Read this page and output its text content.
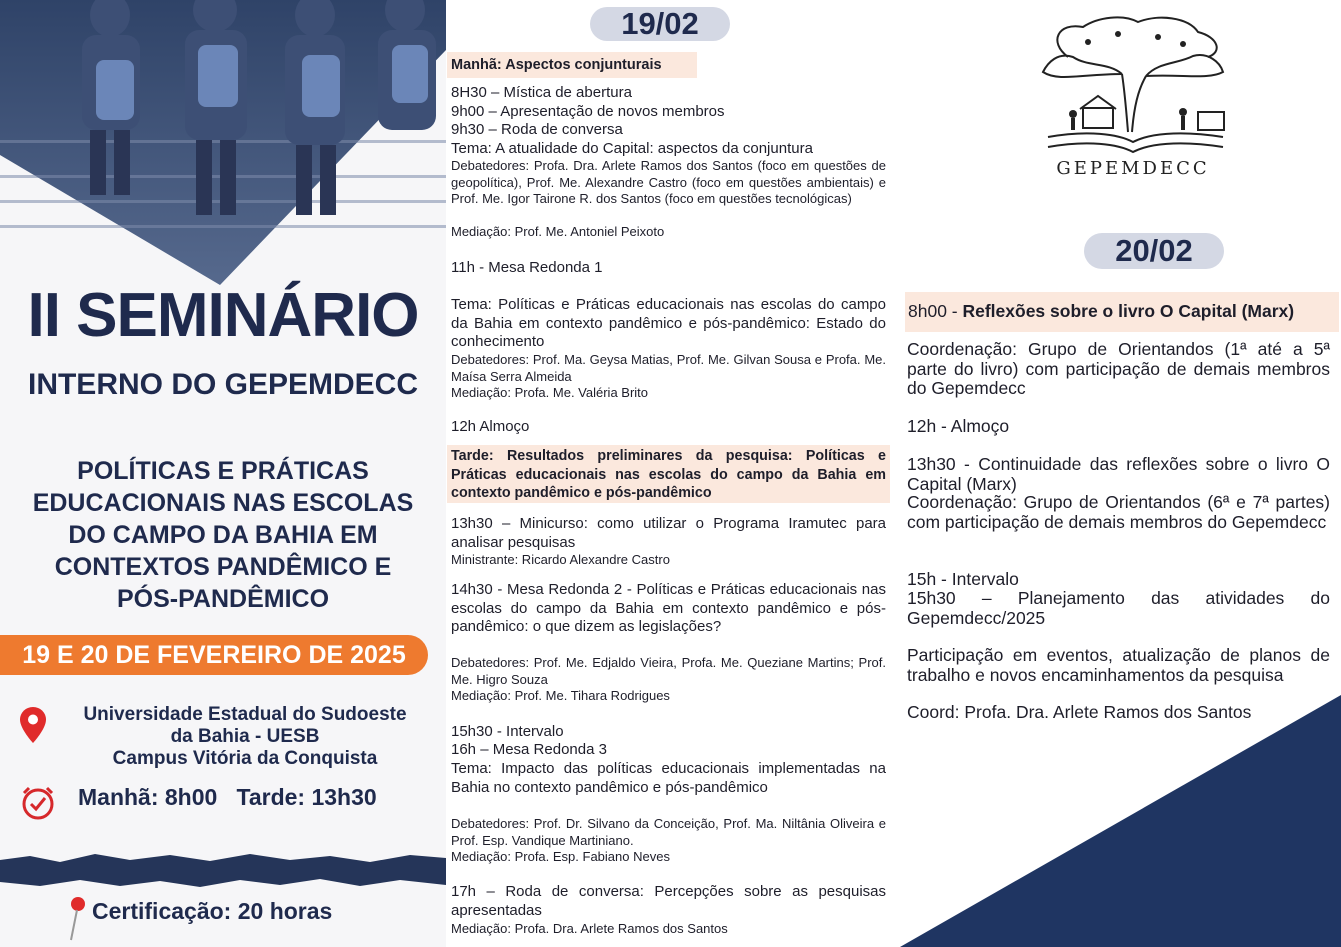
II SEMINÁRIO
INTERNO DO GEPEMDECC
POLÍTICAS E PRÁTICAS
EDUCACIONAIS NAS ESCOLAS
DO CAMPO DA BAHIA EM
CONTEXTOS PANDÊMICO E
PÓS-PANDÊMICO
19 E 20 DE FEVEREIRO DE 2025
Universidade Estadual do Sudoeste
da Bahia - UESB
Campus Vitória da Conquista
Manhã: 8h00   Tarde: 13h30
Certificação: 20 horas
19/02
Manhã: Aspectos conjunturais
8H30 – Mística de abertura
9h00 – Apresentação de novos membros
9h30 – Roda de conversa
Tema: A atualidade do Capital: aspectos da conjuntura
Debatedores: Profa. Dra. Arlete Ramos dos Santos (foco em questões de geopolítica), Prof. Me. Alexandre Castro (foco em questões ambientais) e Prof. Me. Igor Tairone R. dos Santos (foco em questões tecnológicas)
Mediação: Prof. Me. Antoniel Peixoto
11h - Mesa Redonda 1
Tema: Políticas e Práticas educacionais nas escolas do campo da Bahia em contexto pandêmico e pós-pandêmico: Estado do conhecimento
Debatedores: Prof. Ma. Geysa Matias, Prof. Me. Gilvan Sousa e Profa. Me. Maísa Serra Almeida
Mediação: Profa. Me. Valéria Brito
12h Almoço
Tarde: Resultados preliminares da pesquisa: Políticas e Práticas educacionais nas escolas do campo da Bahia em contexto pandêmico e pós-pandêmico
13h30 – Minicurso: como utilizar o Programa Iramutec para analisar pesquisas
Ministrante: Ricardo Alexandre Castro
14h30 - Mesa Redonda 2 - Políticas e Práticas educacionais nas escolas do campo da Bahia em contexto pandêmico e pós-pandêmico: o que dizem as legislações?
Debatedores: Prof. Me. Edjaldo Vieira, Profa. Me. Queziane Martins; Prof. Me. Higro Souza
Mediação: Prof. Me. Tihara Rodrigues
15h30 - Intervalo
16h – Mesa Redonda 3
Tema: Impacto das políticas educacionais implementadas na Bahia no contexto pandêmico e pós-pandêmico
Debatedores: Prof. Dr. Silvano da Conceição, Prof. Ma. Niltânia Oliveira e Prof. Esp. Vandique Martiniano.
Mediação: Profa. Esp. Fabiano Neves
17h – Roda de conversa: Percepções sobre as pesquisas apresentadas
Mediação: Profa. Dra. Arlete Ramos dos Santos
GEPEMDECC
20/02
8h00 - Reflexões sobre o livro O Capital (Marx)
Coordenação: Grupo de Orientandos (1ª até a 5ª parte do livro) com participação de demais membros do Gepemdecc
12h - Almoço
13h30 - Continuidade das reflexões sobre o livro O Capital (Marx)
Coordenação: Grupo de Orientandos (6ª e 7ª partes) com participação de demais membros do Gepemdecc
15h - Intervalo
15h30 – Planejamento das atividades do Gepemdecc/2025
Participação em eventos, atualização de planos de trabalho e novos encaminhamentos da pesquisa
Coord: Profa. Dra. Arlete Ramos dos Santos
